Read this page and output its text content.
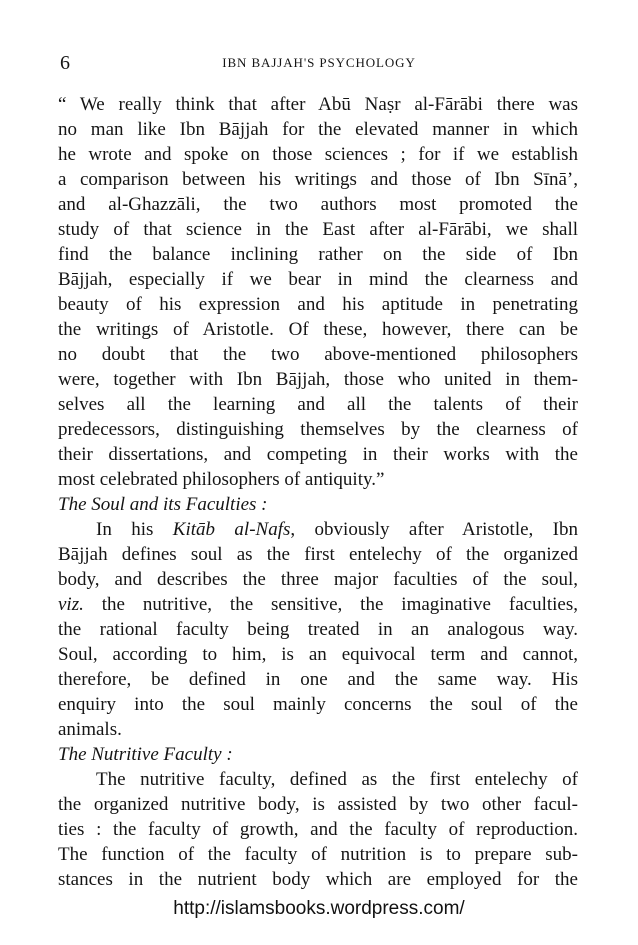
6	IBN BAJJAH'S PSYCHOLOGY
“ We really think that after Abū Naṣr al-Fārābi there was
no man like Ibn Bājjah for the elevated manner in which
he wrote and spoke on those sciences ; for if we establish
a comparison between his writings and those of Ibn Sīnā’,
and al-Ghazzāli, the two authors most promoted the
study of that science in the East after al-Fārābi, we shall
find the balance inclining rather on the side of Ibn
Bājjah, especially if we bear in mind the clearness and
beauty of his expression and his aptitude in penetrating
the writings of Aristotle. Of these, however, there can be
no doubt that the two above-mentioned philosophers
were, together with Ibn Bājjah, those who united in them-
selves all the learning and all the talents of their
predecessors, distinguishing themselves by the clearness of
their dissertations, and competing in their works with the
most celebrated philosophers of antiquity.”
The Soul and its Faculties :
In his Kitāb al-Nafs, obviously after Aristotle, Ibn
Bājjah defines soul as the first entelechy of the organized
body, and describes the three major faculties of the soul,
viz. the nutritive, the sensitive, the imaginative faculties,
the rational faculty being treated in an analogous way.
Soul, according to him, is an equivocal term and cannot,
therefore, be defined in one and the same way. His
enquiry into the soul mainly concerns the soul of the
animals.
The Nutritive Faculty :
The nutritive faculty, defined as the first entelechy of
the organized nutritive body, is assisted by two other facul-
ties : the faculty of growth, and the faculty of reproduction.
The function of the faculty of nutrition is to prepare sub-
stances in the nutrient body which are employed for the
http://islamsbooks.wordpress.com/
